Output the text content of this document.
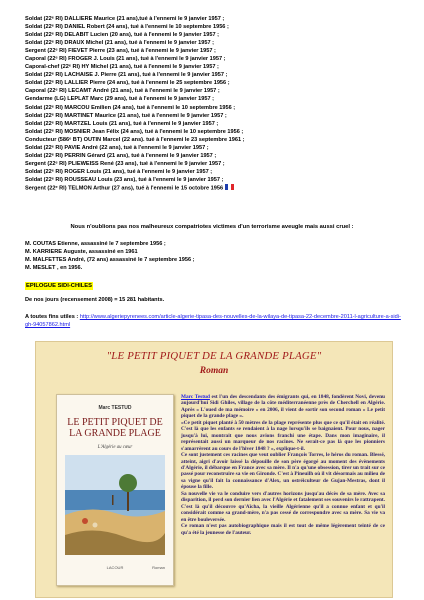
Soldat (22ᵉ RI) DALLIERE Maurice (21 ans),tué à l'ennemi le 9 janvier 1957 ;
Soldat (22ᵉ RI) DANIEL Robert (24 ans), tué à l'ennemi le 10 septembre 1956 ;
Soldat (22ᵉ RI) DELABIT Lucien (20 ans), tué à l'ennemi le 9 janvier 1957 ;
Soldat (22ᵉ RI) DRAUX Michel (21 ans), tué à l'ennemi le 9 janvier 1957 ;
Sergent (22ᵉ RI) FIEVET Pierre (23 ans), tué à l'ennemi le 9 janvier 1957 ;
Caporal (22ᵉ RI) FROGER J. Louis (21 ans), tué à l'ennemi le 9 janvier 1957 ;
Caporal-chef (22ᵉ RI) HY Michel (21 ans), tué à l'ennemi le 9 janvier 1957 ;
Soldat (22ᵉ RI) LACHAISE J. Pierre (21 ans), tué à l'ennemi le 9 janvier 1957 ;
Soldat (22ᵉ RI) LALLIER Pierre (24 ans), tué à l'ennemi le 25 septembre 1956 ;
Caporal (22ᵉ RI) LECAMT André (21 ans), tué à l'ennemi le 9 janvier 1957 ;
Gendarme (LG) LEPLAT Marc (29 ans), tué à l'ennemi le 9 janvier 1957 ;
Soldat (22ᵉ RI) MARCOU Emilien (24 ans), tué à l'ennemi le 10 septembre 1956 ;
Soldat (22ᵉ RI) MARTINET Maurice (21 ans), tué à l'ennemi le 9 janvier 1957 ;
Soldat (22ᵉ RI) MARTZEL Louis (21 ans), tué à l'ennemi le 9 janvier 1957 ;
Soldat (22ᵉ RI) MOSNIER Jean Félix (24 ans), tué à l'ennemi le 10 septembre 1956 ;
Conducteur (586ᵉ BT) OUTIN Marcel (22 ans). tué à l'ennemi le 23 septembre 1961 ;
Soldat (22ᵉ RI) PAVIE André (22 ans), tué à l'ennemi le 9 janvier 1957 ;
Soldat (22ᵉ RI) PERRIN Gérard (21 ans), tué à l'ennemi le 9 janvier 1957 ;
Sergent (22ᵉ RI) PLIEWEISS René (23 ans), tué à l'ennemi le 9 janvier 1957 ;
Soldat (22ᵉ RI) ROGER Louis (21 ans), tué à l'ennemi le 9 janvier 1957 ;
Soldat (22ᵉ RI) ROUSSEAU Louis (23 ans), tué à l'ennemi le 9 janvier 1957 ;
Sergent (22ᵉ RI) TELMON Arthur (27 ans), tué à l'ennemi le 15 octobre 1956
Nous n'oublions pas nos malheureux compatriotes victimes d'un terrorisme aveugle mais aussi cruel :
M. COUTAS Etienne, assassiné le 7 septembre 1956 ;
M. KARRIERE Auguste, assassiné en 1961
M. MALFETTES André, (72 ans) assassiné le 7 septembre 1956 ;
M. MESLET , en 1956.
EPILOGUE SIDI-CHILES
De nos jours (recensement 2008) = 15 281 habitants.
A toutes fins utiles : http://www.algeriepyrenees.com/article-algerie-tipasa-des-nouvelles-de-la-wilaya-de-tipasa-22-decembre-2011-l-agriculture-a-sidi-gh-94057862.html
"LE PETIT PIQUET DE LA GRANDE PLAGE"
Roman
Marc TESTUD
LE PETIT PIQUET DE LA GRANDE PLAGE
L'Algérie au cœur
LACOUR	Roman

Marc Testud est l'un des descendants des émigrants qui, en 1848, fondèrent Novi, devenu aujourd'hui Sidi Ghiles, village de la côte méditerranéenne près de Cherchell en Algérie. Après « L'oued de ma mémoire » en 2006, il vient de sortir son second roman « Le petit piquet de la grande plage ».

«Ce petit piquet planté à 50 mètres de la plage représente plus que ce qu'il était en réalité. C'est là que les enfants se rendaient à la nage lorsqu'ils se baignaient. Pour nous, nager jusqu'à lui, montrait que nous avions franchi une étape. Dans mon imaginaire, il représentait aussi un marqueur de nos racines. Ne serait-ce pas là que les pionniers s'amarrèrent au cours de l'hiver 1848 ? », explique-t-il.

Ce sont justement ces racines que veut oublier François Torres, le héros du roman. Blessé, atteint, aigri d'avoir laissé la dépouille de son père égorgé au moment des évènements d'Algérie, il débarque en France avec sa mère. Il n'a qu'une obsession, tirer un trait sur ce passé pour reconstruire sa vie en Gironde. C'est à Pineuilh où il vit désormais au milieu de sa vigne qu'il fait la connaissance d'Alex, un ostréiculteur de Gujan-Mestras, dont il épouse la fille.

Sa nouvelle vie va le conduire vers d'autres horizons jusqu'au décès de sa mère. Avec sa disparition, il perd son dernier lien avec l'Algérie et fatalement ses souvenirs le rattrapent. C'est là qu'il découvre qu'Aïcha, la vieille Algérienne qu'il a connue enfant et qu'il considérait comme sa grand-mère, n'a pas cessé de correspondre avec sa mère. Sa vie va en être bouleversée.

Ce roman n'est pas autobiographique mais il est tout de même légèrement teinté de ce qu'a été la jeunesse de l'auteur.
